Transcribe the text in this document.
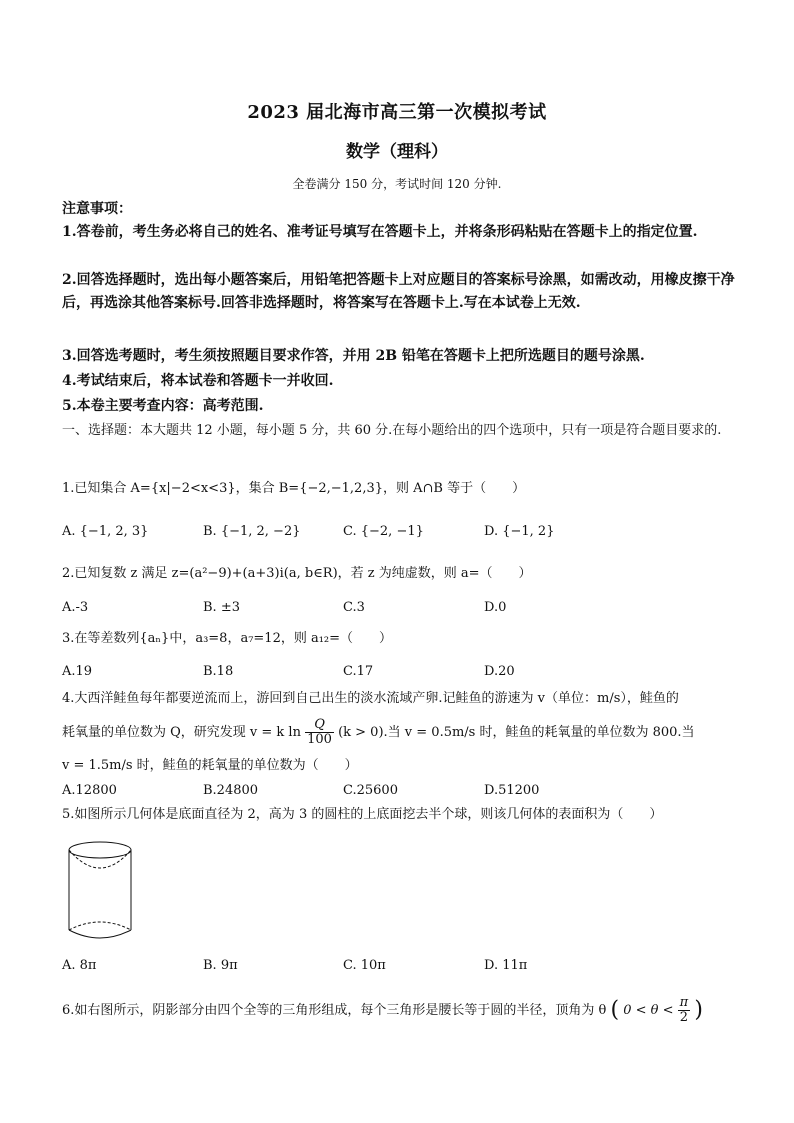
2023 届北海市高三第一次模拟考试
数学（理科）
全卷满分 150 分，考试时间 120 分钟.
注意事项：
1.答卷前，考生务必将自己的姓名、准考证号填写在答题卡上，并将条形码粘贴在答题卡上的指定位置.
2.回答选择题时，选出每小题答案后，用铅笔把答题卡上对应题目的答案标号涂黑，如需改动，用橡皮擦干净后，再选涂其他答案标号.回答非选择题时，将答案写在答题卡上.写在本试卷上无效.
3.回答选考题时，考生须按照题目要求作答，并用 2B 铅笔在答题卡上把所选题目的题号涂黑.
4.考试结束后，将本试卷和答题卡一并收回.
5.本卷主要考查内容：高考范围.
一、选择题：本大题共 12 小题，每小题 5 分，共 60 分.在每小题给出的四个选项中，只有一项是符合题目要求的.
1.已知集合 A={x|−2<x<3}，集合 B={−2,−1,2,3}，则 A∩B 等于（　　）
A. {−1, 2, 3}	B. {−1, 2, −2}	C. {−2, −1}	D. {−1, 2}
2.已知复数 z 满足 z=(a²−9)+(a+3)i(a, b∈R)，若 z 为纯虚数，则 a=（　　）
A.-3	B. ±3	C.3	D.0
3.在等差数列{aₙ}中，a₃=8，a₇=12，则 a₁₂=（　　）
A.19	B.18	C.17	D.20
4.大西洋鲑鱼每年都要逆流而上，游回到自己出生的淡水流域产卵.记鲑鱼的游速为 v（单位：m/s），鲑鱼的
耗氧量的单位数为 Q，研究发现 v = k $\ln \frac{Q}{100} (k > 0)$.当 v = 0.5m/s 时，鲑鱼的耗氧量的单位数为 800.当
v = 1.5m/s 时，鲑鱼的耗氧量的单位数为（　　）
A.12800	B.24800	C.25600	D.51200
5.如图所示几何体是底面直径为 2，高为 3 的圆柱的上底面挖去半个球，则该几何体的表面积为（　　）
A. 8π	B. 9π	C. 10π	D. 11π
6.如右图所示，阴影部分由四个全等的三角形组成，每个三角形是腰长等于圆的半径，顶角为 θ ( $0 < \theta < \frac{\pi}{2}$ )
